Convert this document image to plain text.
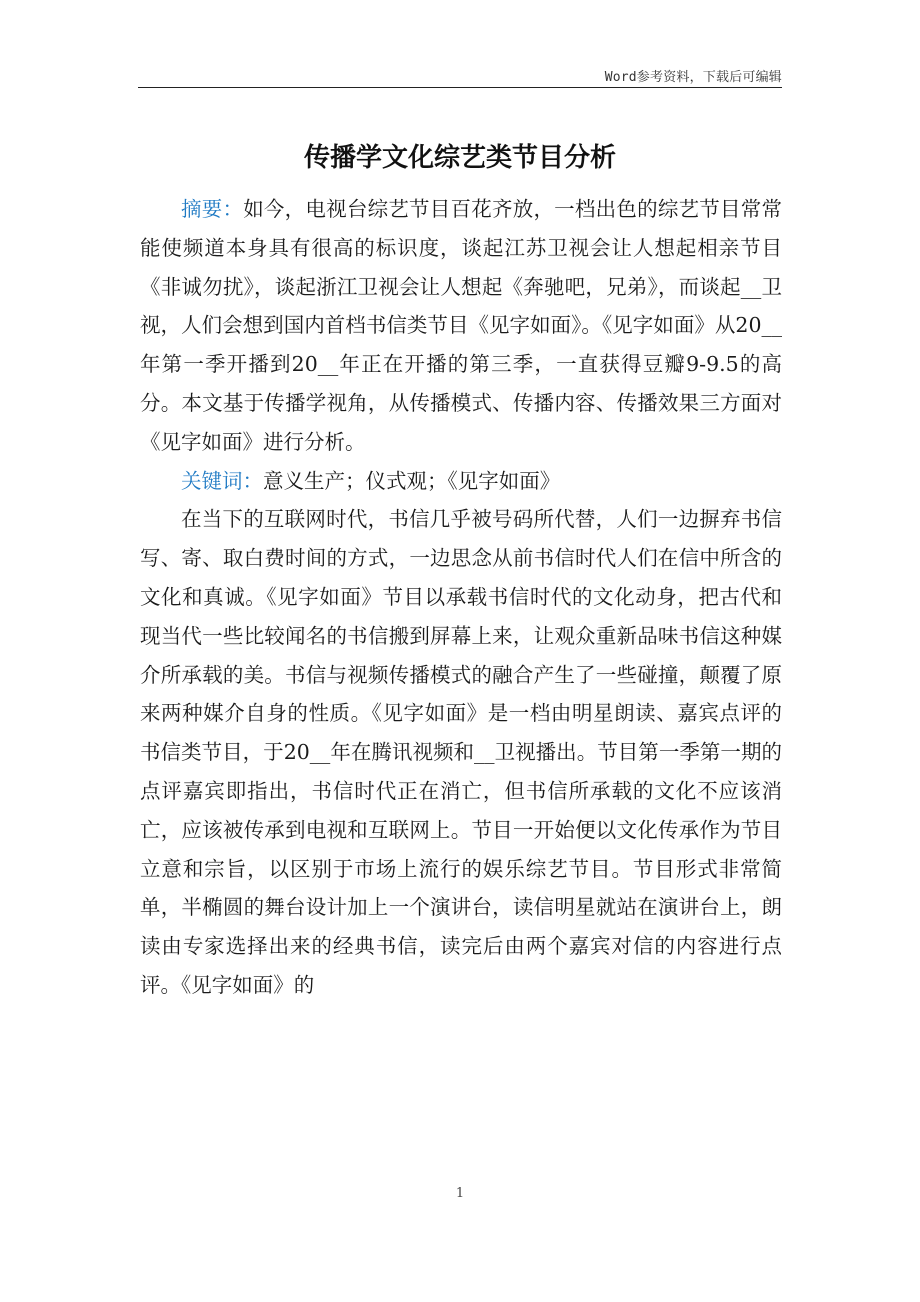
Word参考资料，下载后可编辑
传播学文化综艺类节目分析

摘要：如今，电视台综艺节目百花齐放，一档出色的综艺节目常常能使频道本身具有很高的标识度，谈起江苏卫视会让人想起相亲节目《非诚勿扰》，谈起浙江卫视会让人想起《奔驰吧，兄弟》，而谈起__卫视，人们会想到国内首档书信类节目《见字如面》。《见字如面》从20__年第一季开播到20__年正在开播的第三季，一直获得豆瓣9-9.5的高分。本文基于传播学视角，从传播模式、传播内容、传播效果三方面对《见字如面》进行分析。

关键词：意义生产；仪式观；《见字如面》

在当下的互联网时代，书信几乎被号码所代替，人们一边摒弃书信写、寄、取白费时间的方式，一边思念从前书信时代人们在信中所含的文化和真诚。《见字如面》节目以承载书信时代的文化动身，把古代和现当代一些比较闻名的书信搬到屏幕上来，让观众重新品味书信这种媒介所承载的美。书信与视频传播模式的融合产生了一些碰撞，颠覆了原来两种媒介自身的性质。《见字如面》是一档由明星朗读、嘉宾点评的书信类节目，于20__年在腾讯视频和__卫视播出。节目第一季第一期的点评嘉宾即指出，书信时代正在消亡，但书信所承载的文化不应该消亡，应该被传承到电视和互联网上。节目一开始便以文化传承作为节目立意和宗旨，以区别于市场上流行的娱乐综艺节目。节目形式非常简单，半椭圆的舞台设计加上一个演讲台，读信明星就站在演讲台上，朗读由专家选择出来的经典书信，读完后由两个嘉宾对信的内容进行点评。《见字如面》的

1
